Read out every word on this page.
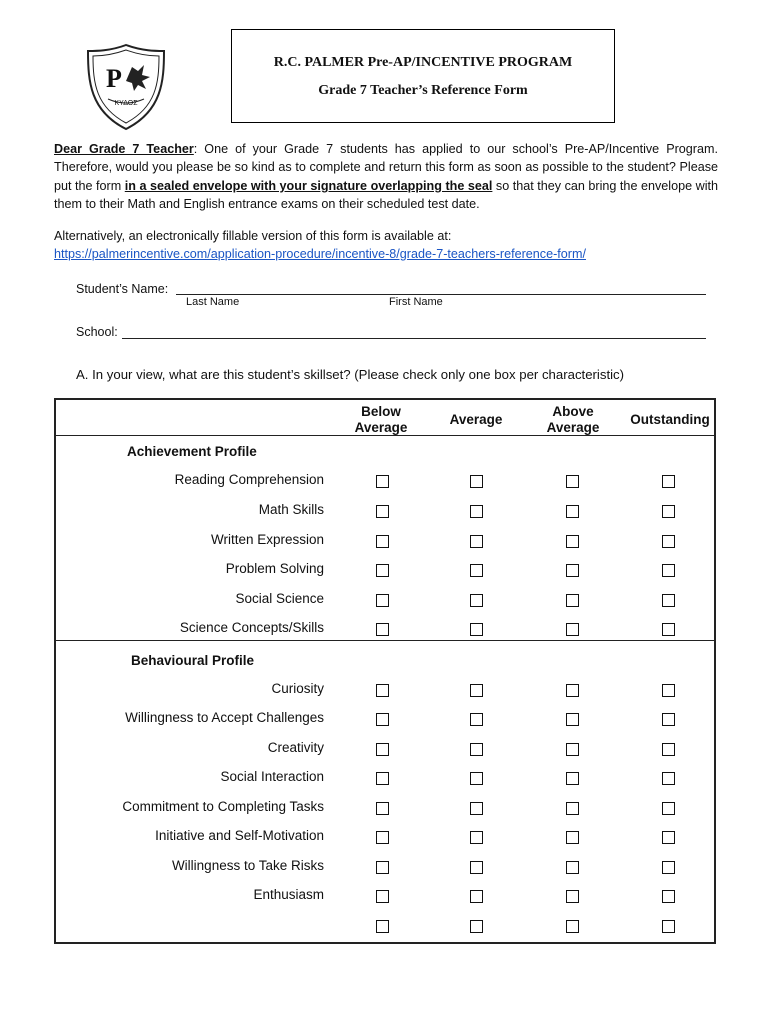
P
ΚΥΔΟΣ
R.C. PALMER Pre-AP/INCENTIVE PROGRAM
Grade 7 Teacher’s Reference Form
Dear Grade 7 Teacher: One of your Grade 7 students has applied to our school’s Pre-AP/Incentive Program. Therefore, would you please be so kind as to complete and return this form as soon as possible to the student? Please put the form in a sealed envelope with your signature overlapping the seal so that they can bring the envelope with them to their Math and English entrance exams on their scheduled test date.
Alternatively, an electronically fillable version of this form is available at:
https://palmerincentive.com/application-procedure/incentive-8/grade-7-teachers-reference-form/
Student’s Name:
Last Name	First Name
School:
A. In your view, what are this student’s skillset? (Please check only one box per characteristic)
Below Average
Average
Above Average
Outstanding
Achievement Profile
Behavioural Profile
Reading Comprehension
Math Skills
Written Expression
Problem Solving
Social Science
Science Concepts/Skills
Curiosity
Willingness to Accept Challenges
Creativity
Social Interaction
Commitment to Completing Tasks
Initiative and Self-Motivation
Willingness to Take Risks
Enthusiasm
